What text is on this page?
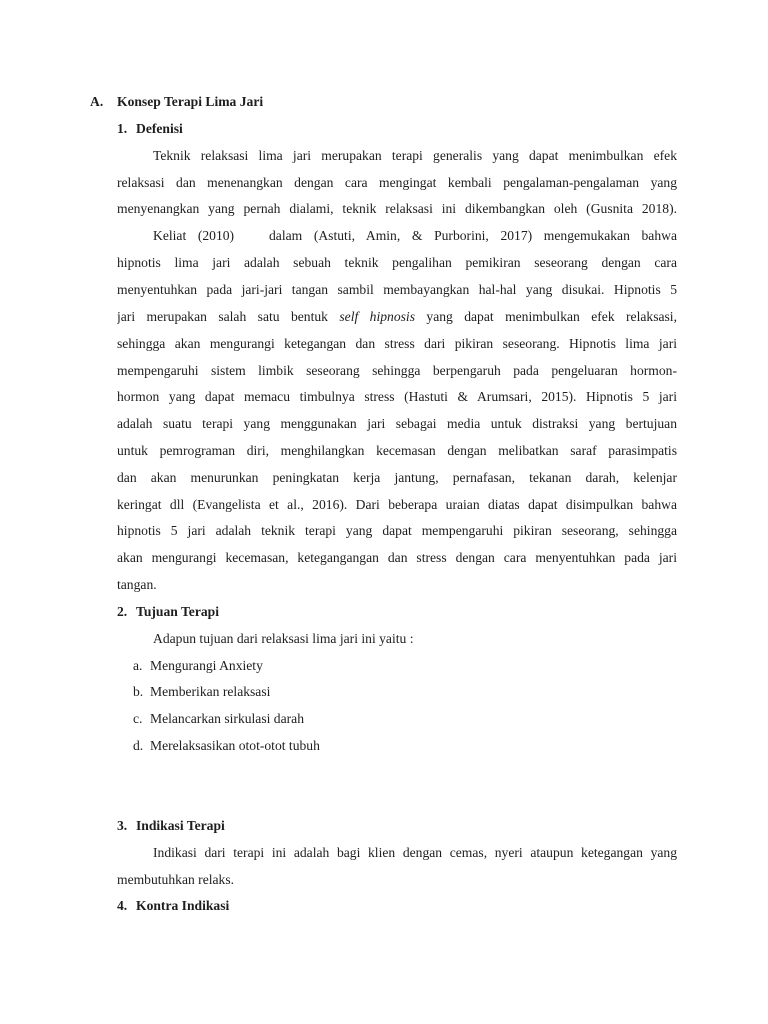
A. Konsep Terapi Lima Jari
1. Defenisi
Teknik relaksasi lima jari merupakan terapi generalis yang dapat menimbulkan efek
relaksasi dan menenangkan dengan cara mengingat kembali pengalaman-pengalaman yang
menyenangkan yang pernah dialami, teknik relaksasi ini dikembangkan oleh (Gusnita 2018).
Keliat (2010)   dalam (Astuti, Amin, & Purborini, 2017) mengemukakan bahwa
hipnotis lima jari adalah sebuah teknik pengalihan pemikiran seseorang dengan cara
menyentuhkan pada jari-jari tangan sambil membayangkan hal-hal yang disukai. Hipnotis 5
jari merupakan salah satu bentuk self hipnosis yang dapat menimbulkan efek relaksasi,
sehingga akan mengurangi ketegangan dan stress dari pikiran seseorang. Hipnotis lima jari
mempengaruhi sistem limbik seseorang sehingga berpengaruh pada pengeluaran hormon-
hormon yang dapat memacu timbulnya stress (Hastuti & Arumsari, 2015). Hipnotis 5 jari
adalah suatu terapi yang menggunakan jari sebagai media untuk distraksi yang bertujuan
untuk pemrograman diri, menghilangkan kecemasan dengan melibatkan saraf parasimpatis
dan akan menurunkan peningkatan kerja jantung, pernafasan, tekanan darah, kelenjar
keringat dll (Evangelista et al., 2016). Dari beberapa uraian diatas dapat disimpulkan bahwa
hipnotis 5 jari adalah teknik terapi yang dapat mempengaruhi pikiran seseorang, sehingga
akan mengurangi kecemasan, ketegangangan dan stress dengan cara menyentuhkan pada jari
tangan.
2. Tujuan Terapi
Adapun tujuan dari relaksasi lima jari ini yaitu :
a. Mengurangi Anxiety
b. Memberikan relaksasi
c. Melancarkan sirkulasi darah
d. Merelaksasikan otot-otot tubuh
3. Indikasi Terapi
Indikasi dari terapi ini adalah bagi klien dengan cemas, nyeri ataupun ketegangan yang
membutuhkan relaks.
4. Kontra Indikasi
